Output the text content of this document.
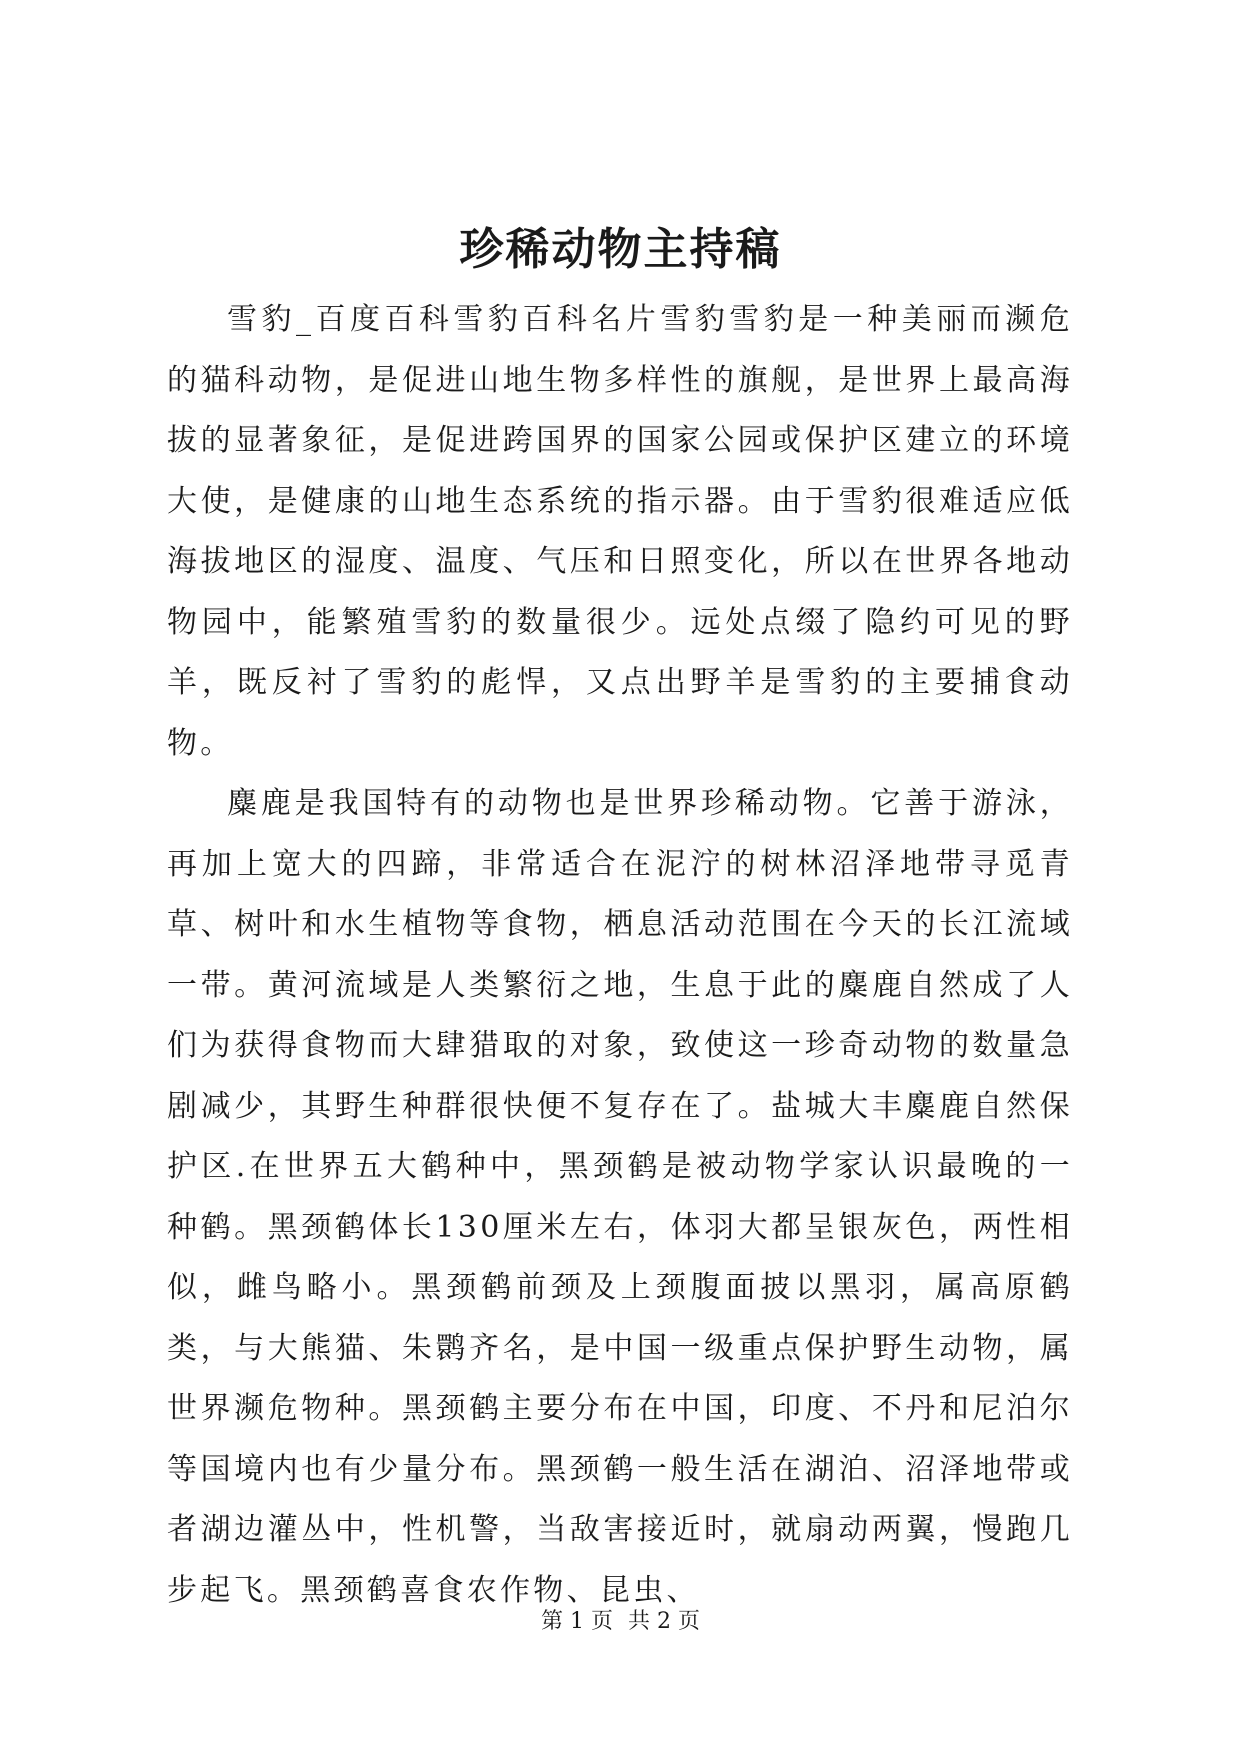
珍稀动物主持稿

雪豹_百度百科雪豹百科名片雪豹雪豹是一种美丽而濒危的猫科动物，是促进山地生物多样性的旗舰，是世界上最高海拔的显著象征，是促进跨国界的国家公园或保护区建立的环境大使，是健康的山地生态系统的指示器。由于雪豹很难适应低海拔地区的湿度、温度、气压和日照变化，所以在世界各地动物园中，能繁殖雪豹的数量很少。远处点缀了隐约可见的野羊，既反衬了雪豹的彪悍，又点出野羊是雪豹的主要捕食动物。

麋鹿是我国特有的动物也是世界珍稀动物。它善于游泳，再加上宽大的四蹄，非常适合在泥泞的树林沼泽地带寻觅青草、树叶和水生植物等食物，栖息活动范围在今天的长江流域一带。黄河流域是人类繁衍之地，生息于此的麋鹿自然成了人们为获得食物而大肆猎取的对象，致使这一珍奇动物的数量急剧减少，其野生种群很快便不复存在了。盐城大丰麋鹿自然保护区.在世界五大鹤种中，黑颈鹤是被动物学家认识最晚的一种鹤。黑颈鹤体长130厘米左右，体羽大都呈银灰色，两性相似，雌鸟略小。黑颈鹤前颈及上颈腹面披以黑羽，属高原鹤类，与大熊猫、朱鹮齐名，是中国一级重点保护野生动物，属世界濒危物种。黑颈鹤主要分布在中国，印度、不丹和尼泊尔等国境内也有少量分布。黑颈鹤一般生活在湖泊、沼泽地带或者湖边灌丛中，性机警，当敌害接近时，就扇动两翼，慢跑几步起飞。黑颈鹤喜食农作物、昆虫、

第 1 页 共 2 页
